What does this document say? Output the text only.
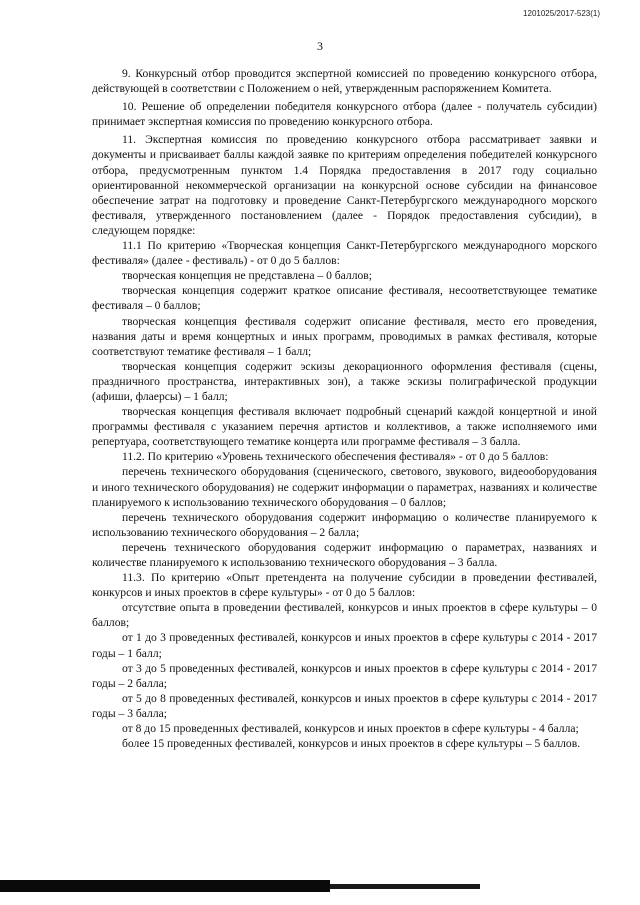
1201025/2017-523(1)
3

9. Конкурсный отбор проводится экспертной комиссией по проведению конкурсного отбора, действующей в соответствии с Положением о ней, утвержденным распоряжением Комитета.

10. Решение об определении победителя конкурсного отбора (далее - получатель субсидии) принимает экспертная комиссия по проведению конкурсного отбора.

11. Экспертная комиссия по проведению конкурсного отбора рассматривает заявки и документы и присваивает баллы каждой заявке по критериям определения победителей конкурсного отбора, предусмотренным пунктом 1.4 Порядка предоставления в 2017 году социально ориентированной некоммерческой организации на конкурсной основе субсидии на финансовое обеспечение затрат на подготовку и проведение Санкт-Петербургского международного морского фестиваля, утвержденного постановлением (далее - Порядок предоставления субсидии), в следующем порядке:

11.1 По критерию «Творческая концепция Санкт-Петербургского международного морского фестиваля» (далее - фестиваль) - от 0 до 5 баллов:

творческая концепция не представлена – 0 баллов;

творческая концепция содержит краткое описание фестиваля, несоответствующее тематике фестиваля – 0 баллов;

творческая концепция фестиваля содержит описание фестиваля, место его проведения, названия даты и время концертных и иных программ, проводимых в рамках фестиваля, которые соответствуют тематике фестиваля – 1 балл;

творческая концепция содержит эскизы декорационного оформления фестиваля (сцены, праздничного пространства, интерактивных зон), а также эскизы полиграфической продукции (афиши, флаерсы) – 1 балл;

творческая концепция фестиваля включает подробный сценарий каждой концертной и иной программы фестиваля с указанием перечня артистов и коллективов, а также исполняемого ими репертуара, соответствующего тематике концерта или программе фестиваля – 3 балла.

11.2. По критерию «Уровень технического обеспечения фестиваля» - от 0 до 5 баллов:

перечень технического оборудования (сценического, светового, звукового, видеооборудования и иного технического оборудования) не содержит информации о параметрах, названиях и количестве планируемого к использованию технического оборудования – 0 баллов;

перечень технического оборудования содержит информацию о количестве планируемого к использованию технического оборудования – 2 балла;

перечень технического оборудования содержит информацию о параметрах, названиях и количестве планируемого к использованию технического оборудования – 3 балла.

11.3. По критерию «Опыт претендента на получение субсидии в проведении фестивалей, конкурсов и иных проектов в сфере культуры» - от 0 до 5 баллов:

отсутствие опыта в проведении фестивалей, конкурсов и иных проектов в сфере культуры – 0 баллов;

от 1 до 3 проведенных фестивалей, конкурсов и иных проектов в сфере культуры с 2014 - 2017 годы – 1 балл;

от 3 до 5 проведенных фестивалей, конкурсов и иных проектов в сфере культуры с 2014 - 2017 годы – 2 балла;

от 5 до 8 проведенных фестивалей, конкурсов и иных проектов в сфере культуры с 2014 - 2017 годы – 3 балла;

от 8 до 15 проведенных фестивалей, конкурсов и иных проектов в сфере культуры - 4 балла;

более 15 проведенных фестивалей, конкурсов и иных проектов в сфере культуры – 5 баллов.
